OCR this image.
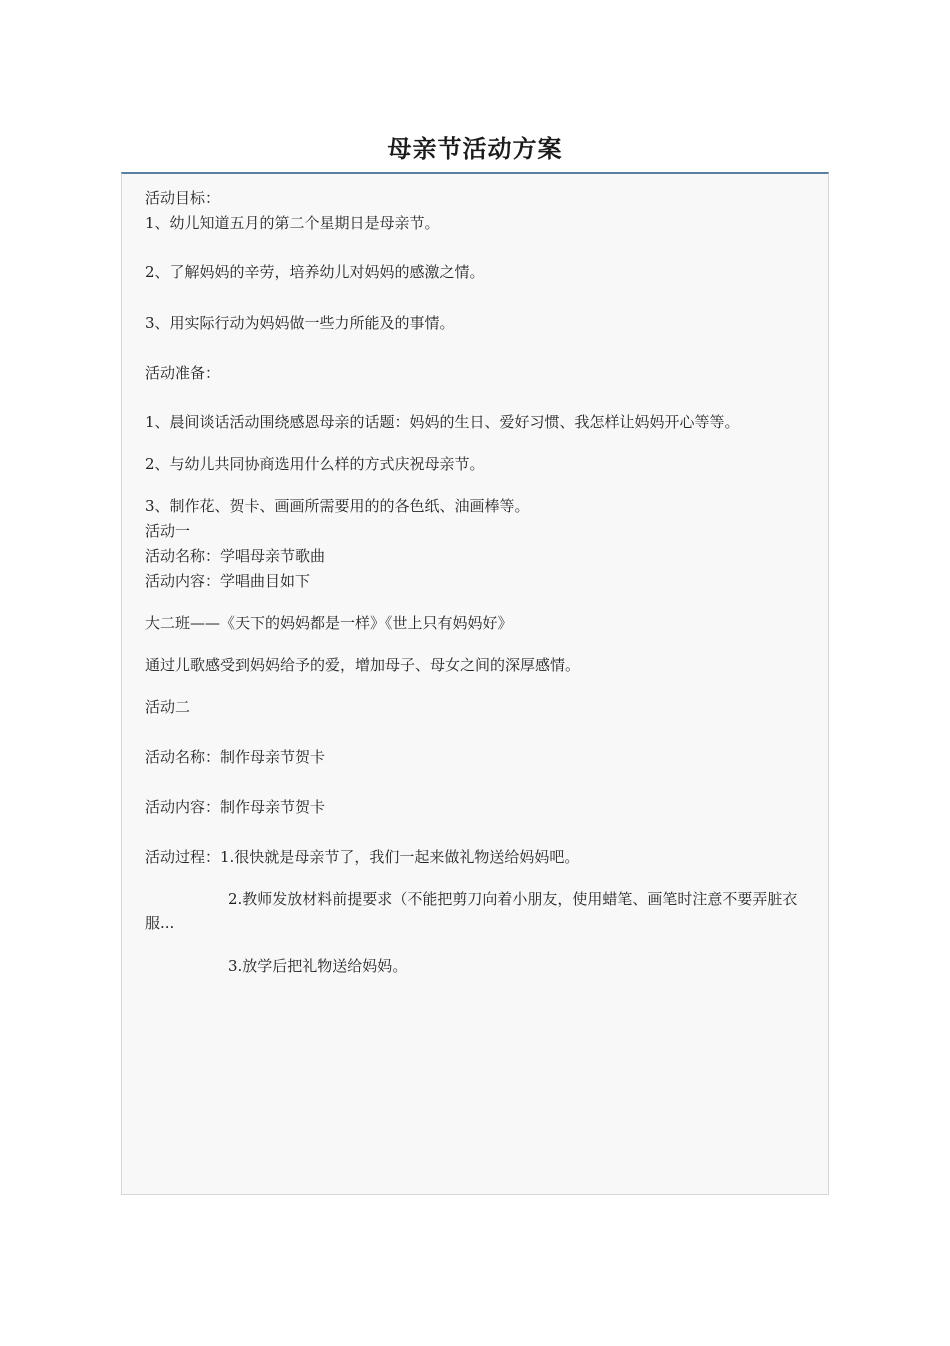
母亲节活动方案
活动目标：
1、幼儿知道五月的第二个星期日是母亲节。
2、了解妈妈的辛劳，培养幼儿对妈妈的感激之情。
3、用实际行动为妈妈做一些力所能及的事情。
活动准备：
1、晨间谈话活动围绕感恩母亲的话题：妈妈的生日、爱好习惯、我怎样让妈妈开心等等。
2、与幼儿共同协商选用什么样的方式庆祝母亲节。
3、制作花、贺卡、画画所需要用的的各色纸、油画棒等。
活动一
活动名称：学唱母亲节歌曲
活动内容：学唱曲目如下
大二班——《天下的妈妈都是一样》《世上只有妈妈好》
通过儿歌感受到妈妈给予的爱，增加母子、母女之间的深厚感情。
活动二
活动名称：制作母亲节贺卡
活动内容：制作母亲节贺卡
活动过程：1.很快就是母亲节了，我们一起来做礼物送给妈妈吧。
2.教师发放材料前提要求（不能把剪刀向着小朋友，使用蜡笔、画笔时注意不要弄脏衣服...
3.放学后把礼物送给妈妈。
